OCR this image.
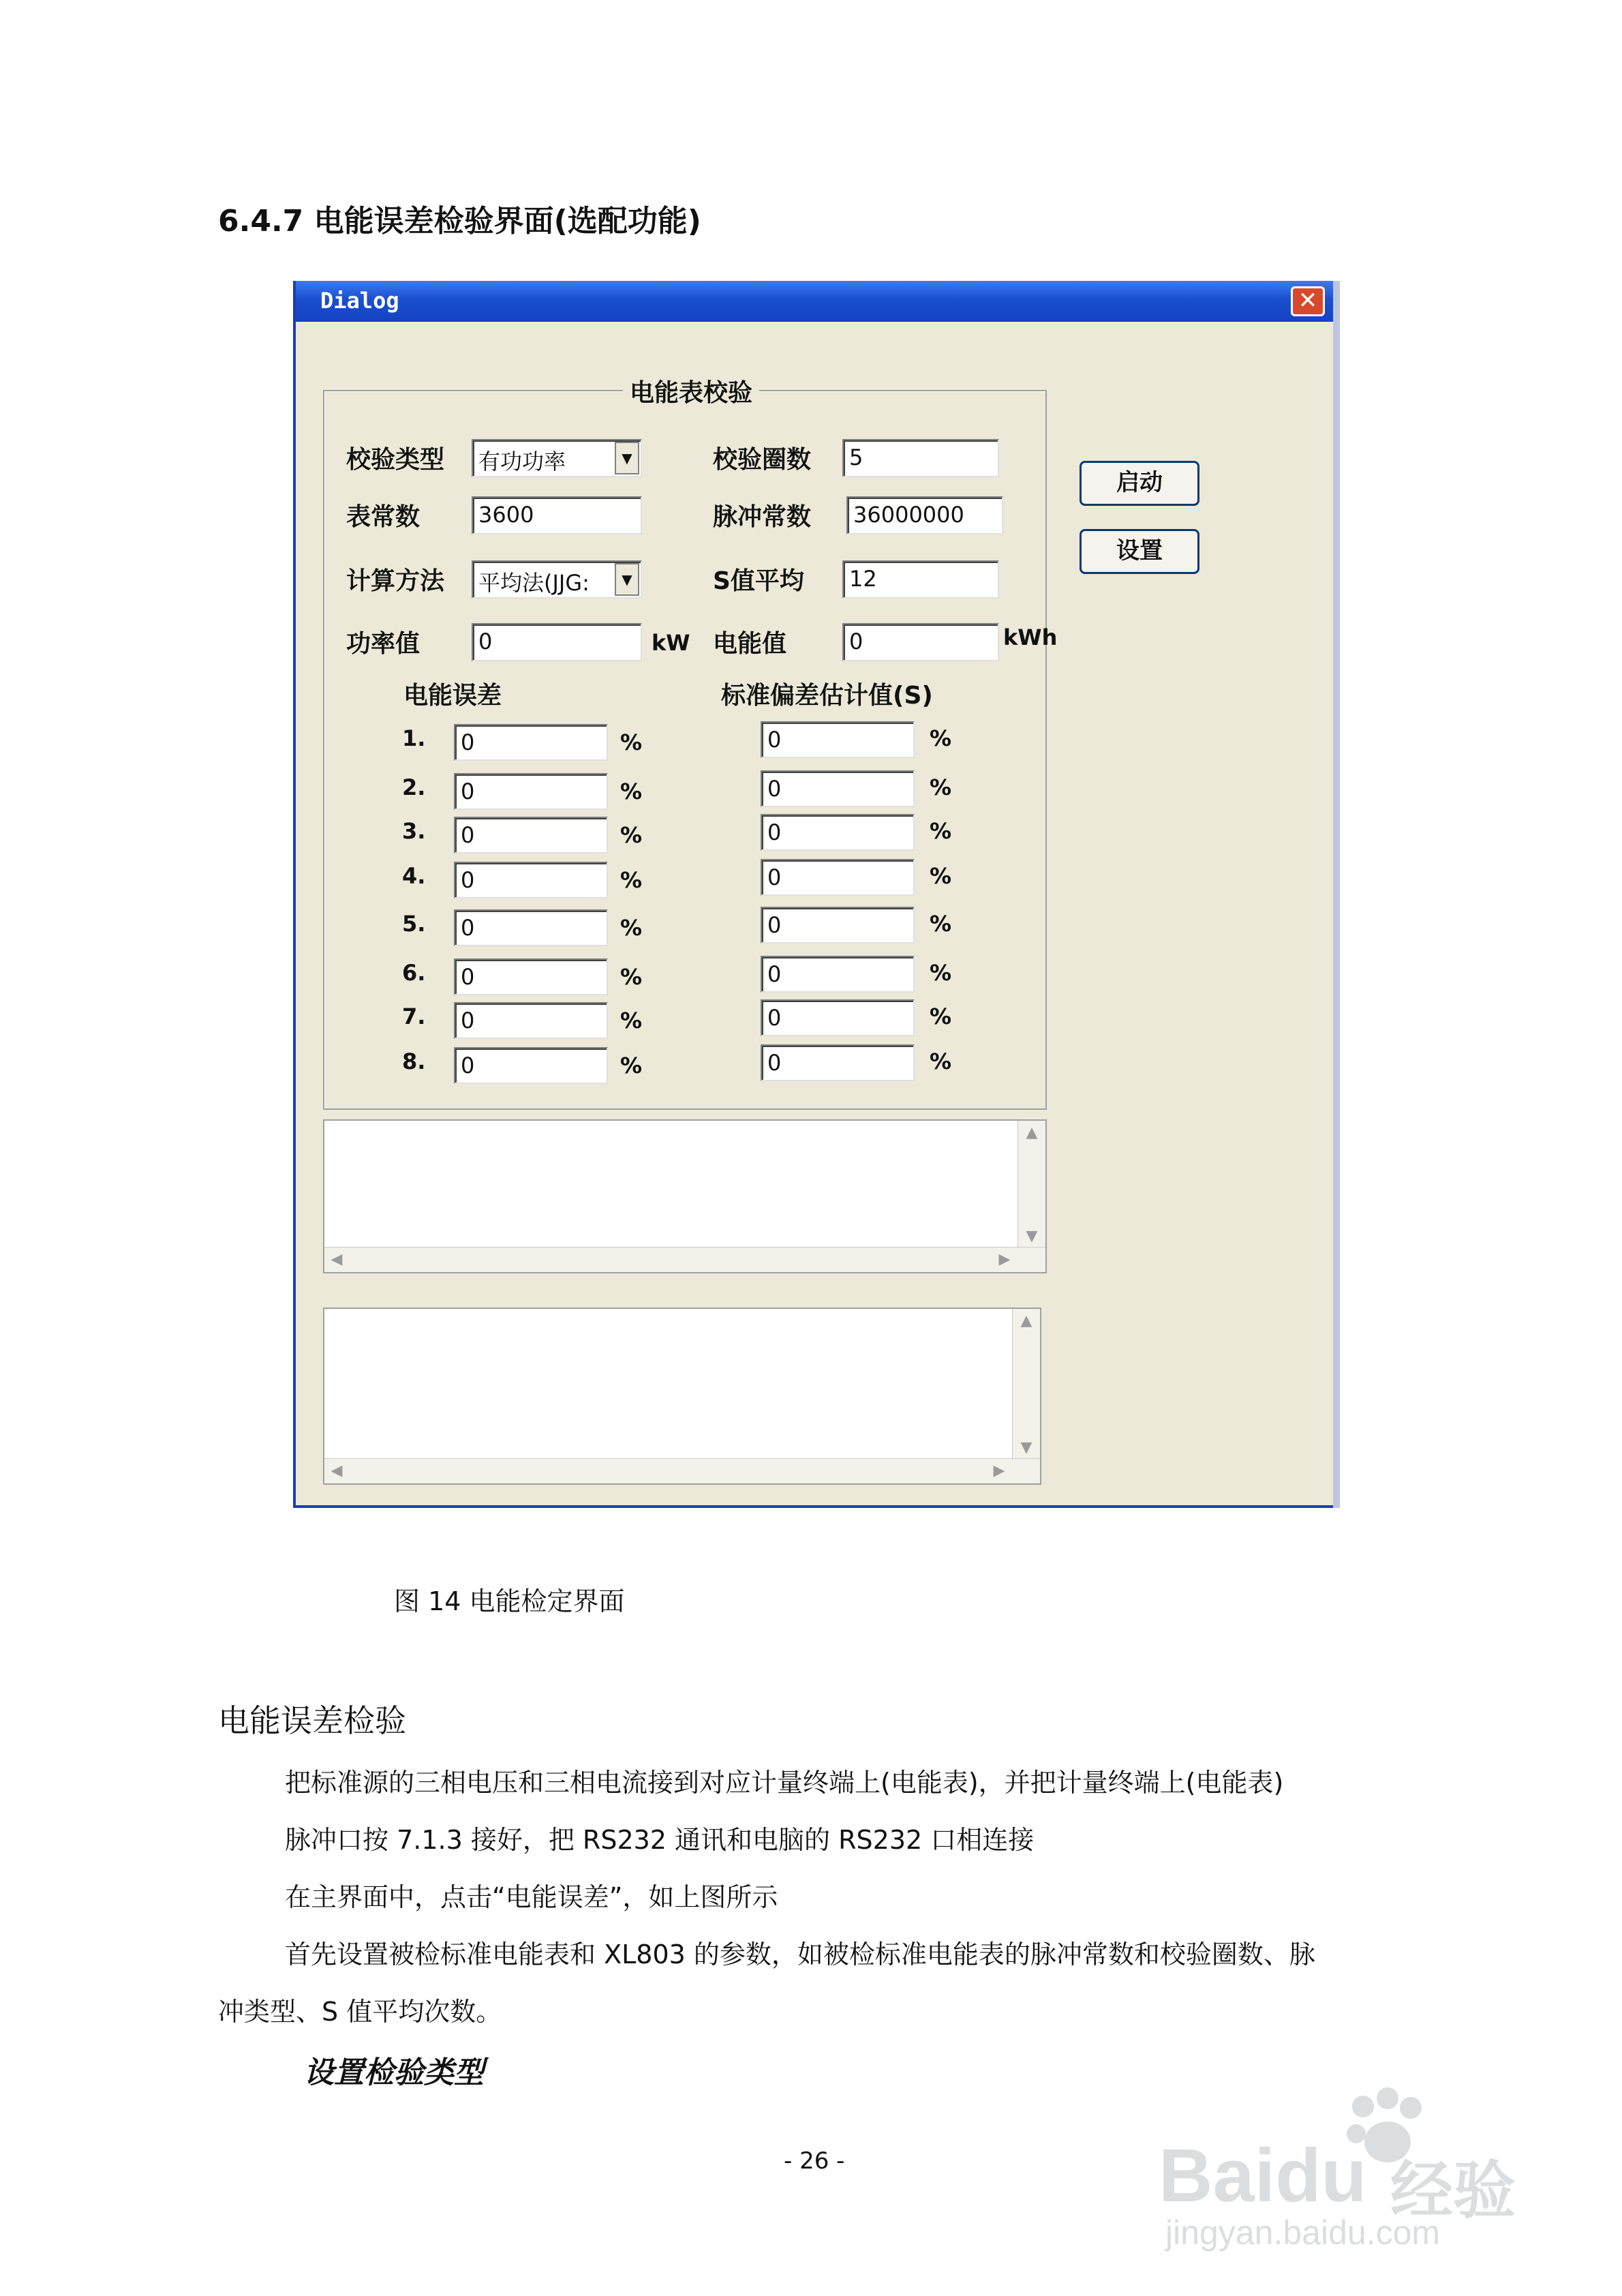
6.4.7 电能误差检验界面(选配功能)
Dialog	✕
电能表校验
校验类型	有功功率	▼	校验圈数	5
表常数	3600	脉冲常数	36000000
计算方法	平均法(JJG:	▼	S值平均	12
功率值	0	kW 电能值	0	kWh
电能误差	标准偏差估计值(S)
1.	0	%	0	%
2.	0	%	0	%
3.	0	%	0	%
4.	0	%	0	%
5.	0	%	0	%
6.	0	%	0	%
7.	0	%	0	%
8.	0	%	0	%
启动
设置
▲
▼
◀	▶
▲
▼
◀	▶
图 14 电能检定界面
电能误差检验
把标准源的三相电压和三相电流接到对应计量终端上(电能表)，并把计量终端上(电能表)
脉冲口按 7.1.3 接好，把 RS232 通讯和电脑的 RS232 口相连接
在主界面中，点击“电能误差”，如上图所示
首先设置被检标准电能表和 XL803 的参数，如被检标准电能表的脉冲常数和校验圈数、脉
冲类型、S 值平均次数。
设置检验类型
- 26 -	Baidu 经验
jingyan.baidu.com
